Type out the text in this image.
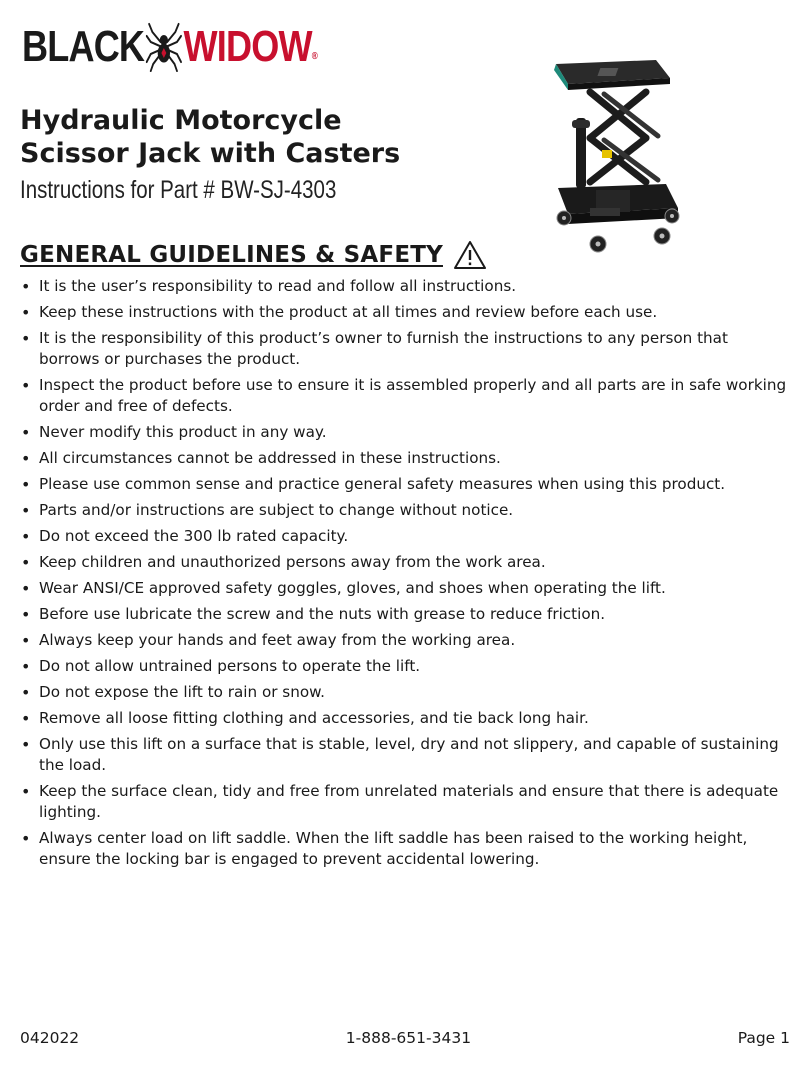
BLACK WIDOW ®
Hydraulic Motorcycle
Scissor Jack with Casters
Instructions for Part # BW-SJ-4303
GENERAL GUIDELINES & SAFETY
• It is the user’s responsibility to read and follow all instructions.
• Keep these instructions with the product at all times and review before each use.
• It is the responsibility of this product’s owner to furnish the instructions to any person that borrows or purchases the product.
• Inspect the product before use to ensure it is assembled properly and all parts are in safe working order and free of defects.
• Never modify this product in any way.
• All circumstances cannot be addressed in these instructions.
• Please use common sense and practice general safety measures when using this product.
• Parts and/or instructions are subject to change without notice.
• Do not exceed the 300 lb rated capacity.
• Keep children and unauthorized persons away from the work area.
• Wear ANSI/CE approved safety goggles, gloves, and shoes when operating the lift.
• Before use lubricate the screw and the nuts with grease to reduce friction.
• Always keep your hands and feet away from the working area.
• Do not allow untrained persons to operate the lift.
• Do not expose the lift to rain or snow.
• Remove all loose fitting clothing and accessories, and tie back long hair.
• Only use this lift on a surface that is stable, level, dry and not slippery, and capable of sustaining the load.
• Keep the surface clean, tidy and free from unrelated materials and ensure that there is adequate lighting.
• Always center load on lift saddle. When the lift saddle has been raised to the working height, ensure the locking bar is engaged to prevent accidental lowering.
042022	1-888-651-3431	Page 1
